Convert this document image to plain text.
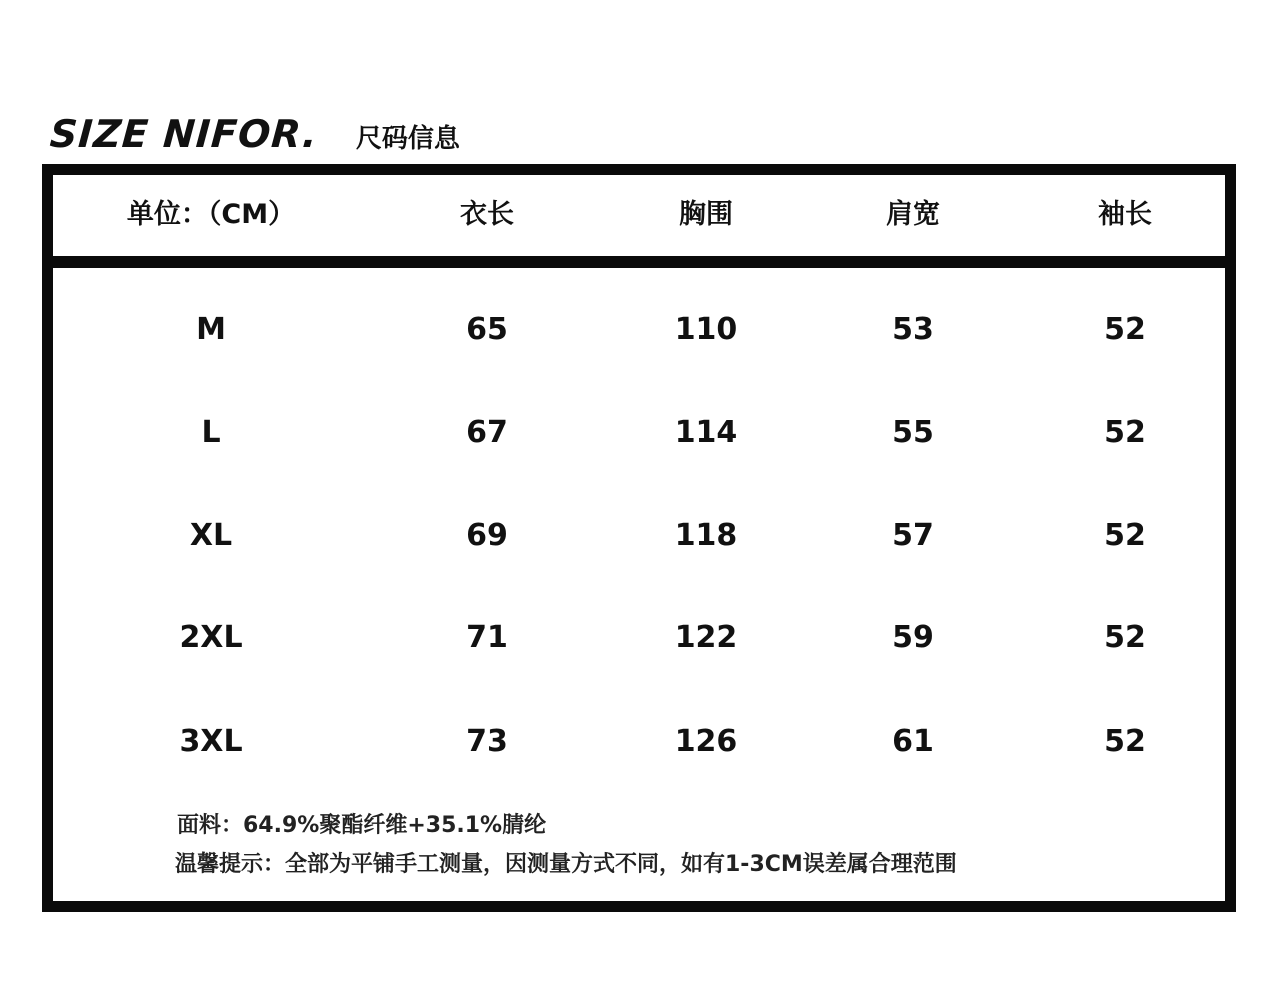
SIZE NIFOR. 尺码信息
单位：（CM）	衣长	胸围	肩宽	袖长
M	65	110	53	52
L	67	114	55	52
XL	69	118	57	52
2XL	71	122	59	52
3XL	73	126	61	52
面料：64.9%聚酯纤维+35.1%腈纶
温馨提示：全部为平铺手工测量，因测量方式不同，如有1-3CM误差属合理范围
